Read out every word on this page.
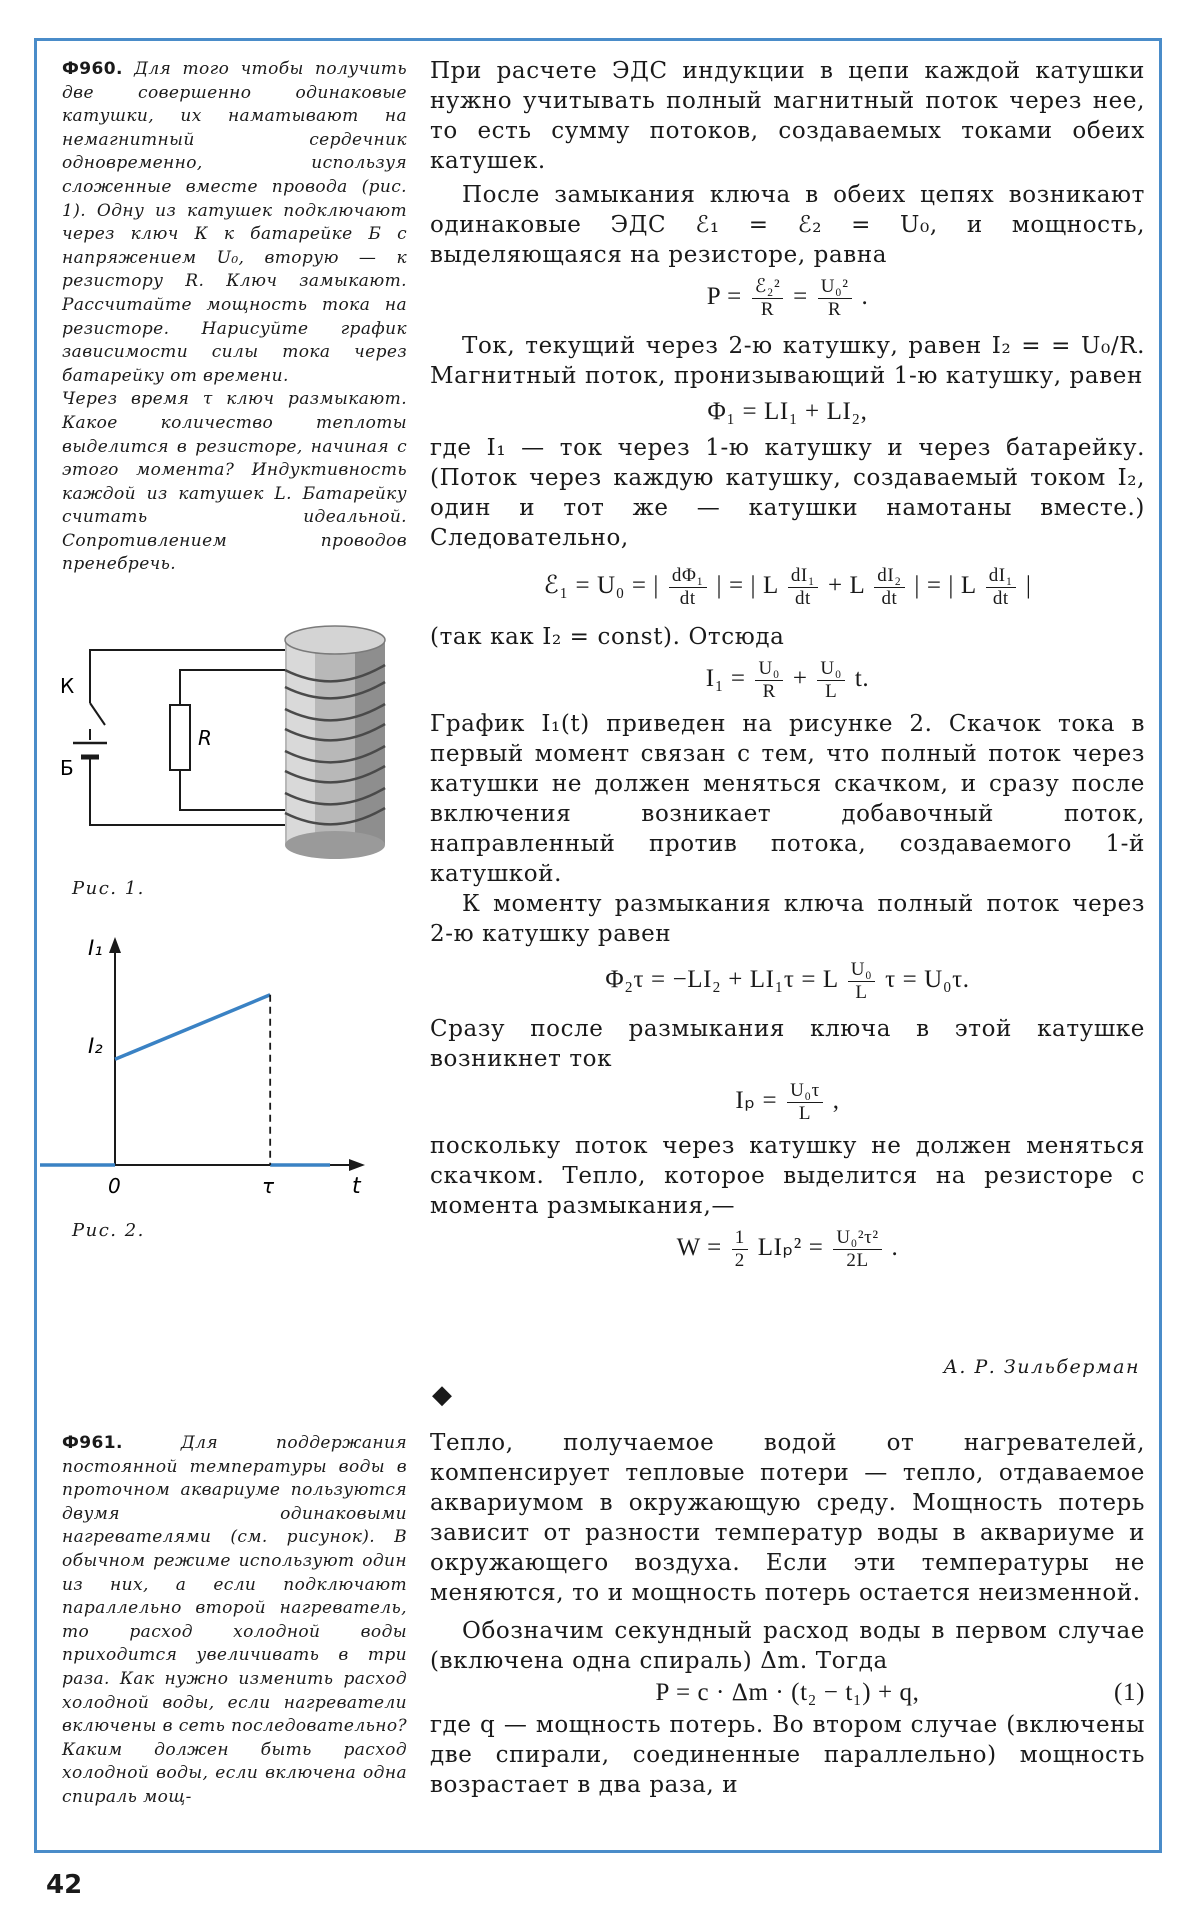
Ф960. Для того чтобы получить две совершенно одинаковые катушки, их наматывают на немагнитный сердечник одновременно, используя сложенные вместе провода (рис. 1). Одну из катушек подключают через ключ К к батарейке Б с напряжением U₀, вторую — к резистору R. Ключ замыкают. Рассчитайте мощность тока на резисторе. Нарисуйте график зависимости силы тока через батарейку от времени.
Через время τ ключ размыкают. Какое количество теплоты выделится в резисторе, начиная с этого момента? Индуктивность каждой из катушек L. Батарейку считать идеальной. Сопротивлением проводов пренебречь.
К
Б
R
Рис. 1.
I₁
I₂
0	τ	t
Рис. 2.

При расчете ЭДС индукции в цепи каждой катушки нужно учитывать полный магнитный поток через нее, то есть сумму потоков, создаваемых токами обеих катушек.

После замыкания ключа в обеих цепях возникают одинаковые ЭДС ℰ₁ = ℰ₂ = U₀, и мощность, выделяющаяся на резисторе, равна

$P = \frac{\text{ℰ₂²}}{R} = \frac{\text{U₀²}}{R}$ .

Ток, текущий через 2-ю катушку, равен I₂ = = U₀/R. Магнитный поток, пронизывающий 1-ю катушку, равен

Φ₁ = LI₁ + LI₂,

где I₁ — ток через 1-ю катушку и через батарейку. (Поток через каждую катушку, создаваемый током I₂, один и тот же — катушки намотаны вместе.) Следовательно,

ℰ₁ = U₀ = | $\frac{\text{dΦ₁}}{dt}$ | = | L $\frac{\text{dI₁}}{dt} + L \frac{\text{dI₂}}{dt}$ | = | L $\frac{\text{dI₁}}{dt}$ |

(так как I₂ = const). Отсюда

$I_1 = \frac{\text{U₀}}{R} + \frac{\text{U₀}}{L} t$.

График I₁(t) приведен на рисунке 2. Скачок тока в первый момент связан с тем, что полный поток через катушки не должен меняться скачком, и сразу после включения возникает добавочный поток, направленный против потока, создаваемого 1-й катушкой.

К моменту размыкания ключа полный поток через 2-ю катушку равен

Φ₂τ = −LI₂ + LI₁τ = L $\frac{\text{U₀}}{L}$ τ = U₀τ.

Сразу после размыкания ключа в этой катушке возникнет ток

$I_p = \frac{\text{U₀τ}}{L}$ ,

поскольку поток через катушку не должен меняться скачком. Тепло, которое выделится на резисторе с момента размыкания,—

$W = \frac{1}{2} LI_p^2 = \frac{\text{U₀²τ²}}{2L}$ .
А. Р. Зильберман
◆
Ф961.	Для поддержания постоянной температуры воды в проточном аквариуме пользуются двумя одинаковыми нагревателями (см. рисунок). В обычном режиме используют один из них, а если подключают параллельно второй нагреватель, то расход холодной воды приходится увеличивать в три раза. Как нужно изменить расход холодной воды, если нагреватели включены в сеть последовательно? Каким должен быть расход холодной воды, если включена одна спираль мощ-

Тепло, получаемое водой от нагревателей, компенсирует тепловые потери — тепло, отдаваемое аквариумом в окружающую среду. Мощность потерь зависит от разности температур воды в аквариуме и окружающего воздуха. Если эти температуры не меняются, то и мощность потерь остается неизменной.

Обозначим секундный расход воды в первом случае (включена одна спираль) Δm. Тогда

P = c · Δm · (t₂ − t₁) + q,	(1)

где q — мощность потерь. Во втором случае (включены две спирали, соединенные параллельно) мощность возрастает в два раза, и

42
